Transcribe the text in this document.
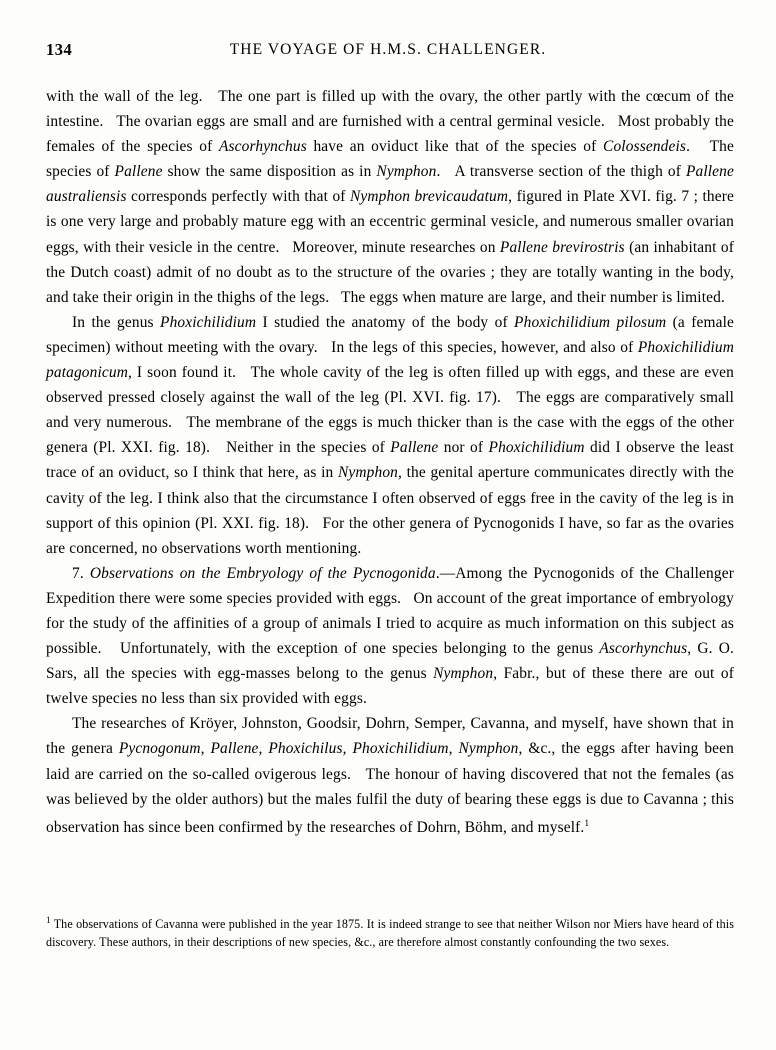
134	THE VOYAGE OF H.M.S. CHALLENGER.

with the wall of the leg.   The one part is filled up with the ovary, the other partly with the cœcum of the intestine.   The ovarian eggs are small and are furnished with a central germinal vesicle.   Most probably the females of the species of Ascorhynchus have an oviduct like that of the species of Colossendeis.   The species of Pallene show the same disposition as in Nymphon.   A transverse section of the thigh of Pallene australiensis corresponds perfectly with that of Nymphon brevicaudatum, figured in Plate XVI. fig. 7 ; there is one very large and probably mature egg with an eccentric germinal vesicle, and numerous smaller ovarian eggs, with their vesicle in the centre.   Moreover, minute researches on Pallene brevirostris (an inhabitant of the Dutch coast) admit of no doubt as to the structure of the ovaries ; they are totally wanting in the body, and take their origin in the thighs of the legs.   The eggs when mature are large, and their number is limited.

In the genus Phoxichilidium I studied the anatomy of the body of Phoxichilidium pilosum (a female specimen) without meeting with the ovary.   In the legs of this species, however, and also of Phoxichilidium patagonicum, I soon found it.   The whole cavity of the leg is often filled up with eggs, and these are even observed pressed closely against the wall of the leg (Pl. XVI. fig. 17).   The eggs are comparatively small and very numerous.   The membrane of the eggs is much thicker than is the case with the eggs of the other genera (Pl. XXI. fig. 18).   Neither in the species of Pallene nor of Phoxichilidium did I observe the least trace of an oviduct, so I think that here, as in Nymphon, the genital aperture communicates directly with the cavity of the leg. I think also that the circumstance I often observed of eggs free in the cavity of the leg is in support of this opinion (Pl. XXI. fig. 18).   For the other genera of Pycnogonids I have, so far as the ovaries are concerned, no observations worth mentioning.

7. Observations on the Embryology of the Pycnogonida.—Among the Pycnogonids of the Challenger Expedition there were some species provided with eggs.   On account of the great importance of embryology for the study of the affinities of a group of animals I tried to acquire as much information on this subject as possible.   Unfortunately, with the exception of one species belonging to the genus Ascorhynchus, G. O. Sars, all the species with egg-masses belong to the genus Nymphon, Fabr., but of these there are out of twelve species no less than six provided with eggs.

The researches of Kröyer, Johnston, Goodsir, Dohrn, Semper, Cavanna, and myself, have shown that in the genera Pycnogonum, Pallene, Phoxichilus, Phoxichilidium, Nymphon, &c., the eggs after having been laid are carried on the so-called ovigerous legs.   The honour of having discovered that not the females (as was believed by the older authors) but the males fulfil the duty of bearing these eggs is due to Cavanna ; this observation has since been confirmed by the researches of Dohrn, Böhm, and myself.$^1$

$^1$ The observations of Cavanna were published in the year 1875. It is indeed strange to see that neither Wilson nor Miers have heard of this discovery. These authors, in their descriptions of new species, &c., are therefore almost constantly confounding the two sexes.
